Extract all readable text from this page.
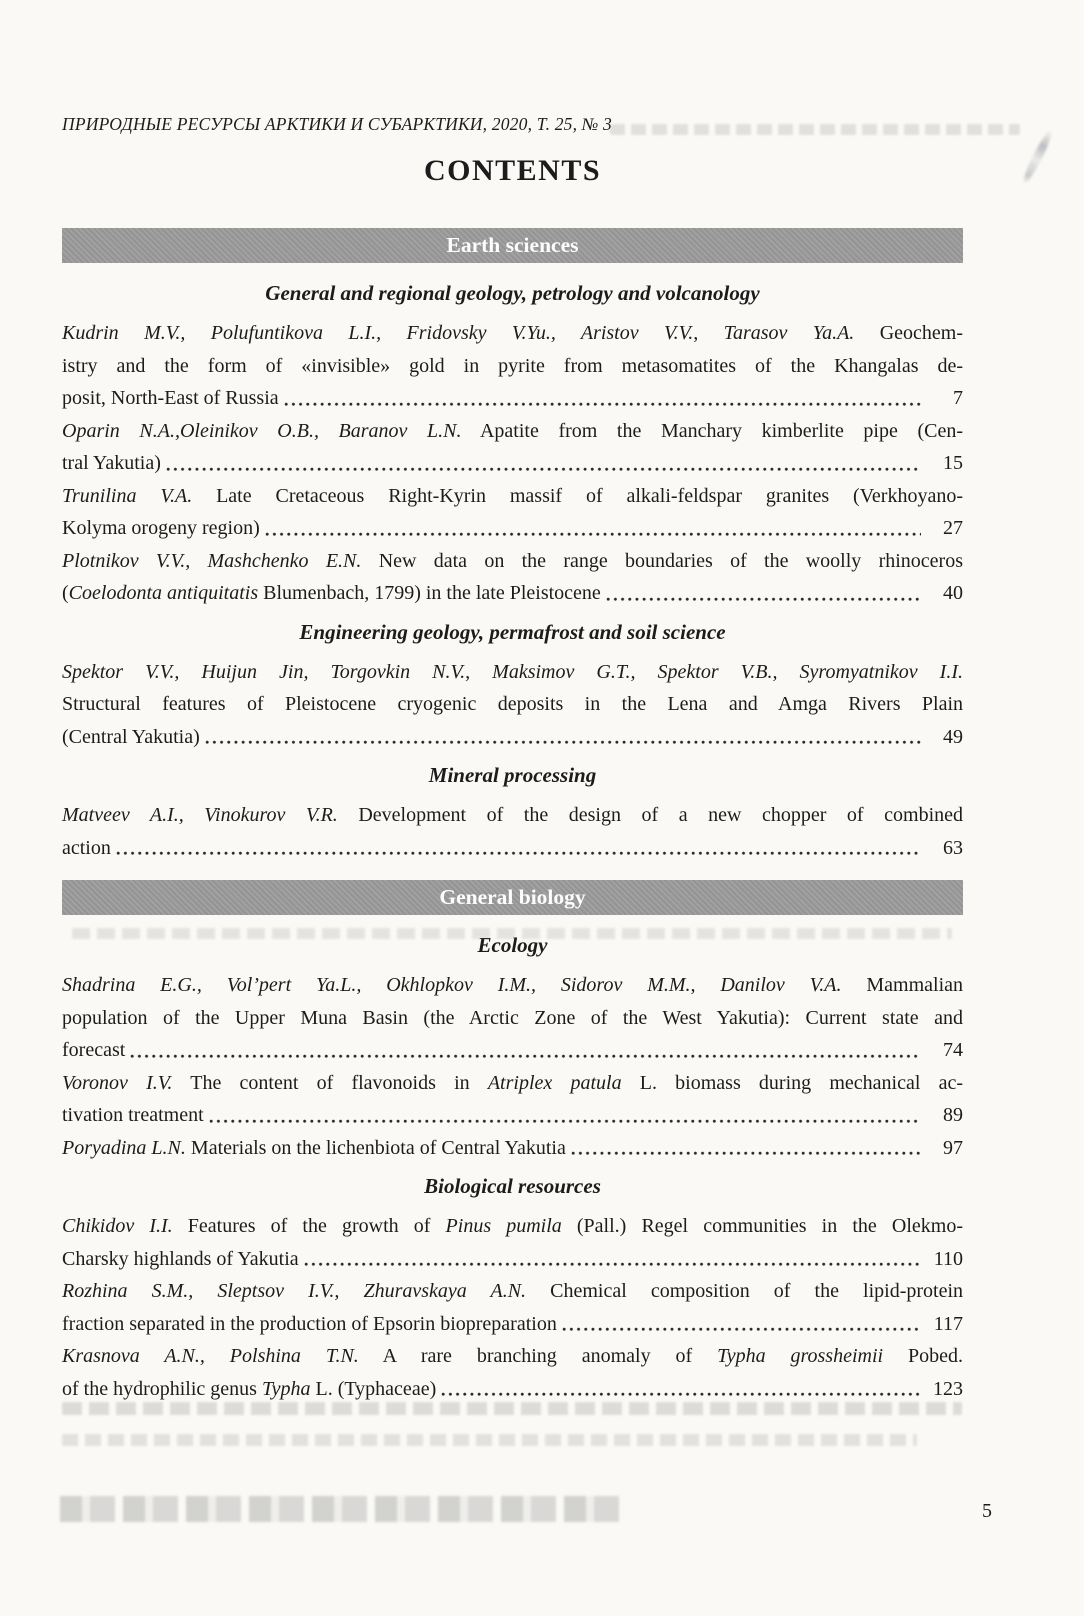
ПРИРОДНЫЕ РЕСУРСЫ АРКТИКИ И СУБАРКТИКИ, 2020, Т. 25, № 3
CONTENTS
Earth sciences
General and regional geology, petrology and volcanology
Kudrin M.V., Polufuntikova L.I., Fridovsky V.Yu., Aristov V.V., Tarasov Ya.A. Geochem-
istry and the form of «invisible» gold in pyrite from metasomatites of the Khangalas de-
posit, North-East of Russia	7
Oparin N.A.,Oleinikov O.B., Baranov L.N. Apatite from the Manchary kimberlite pipe (Cen-
tral Yakutia)	15
Trunilina V.A. Late Cretaceous Right-Kyrin massif of alkali-feldspar granites (Verkhoyano-
Kolyma orogeny region)	27
Plotnikov V.V., Mashchenko E.N. New data on the range boundaries of the woolly rhinoceros
(Coelodonta antiquitatis Blumenbach, 1799) in the late Pleistocene	40
Engineering geology, permafrost and soil science
Spektor V.V., Huijun Jin, Torgovkin N.V., Maksimov G.T., Spektor V.B., Syromyatnikov I.I.
Structural features of Pleistocene cryogenic deposits in the Lena and Amga Rivers Plain
(Central Yakutia)	49
Mineral processing
Matveev A.I., Vinokurov V.R. Development of the design of a new chopper of combined
action	63
General biology
Ecology
Shadrina E.G., Vol’pert Ya.L., Okhlopkov I.M., Sidorov M.M., Danilov V.A. Mammalian
population of the Upper Muna Basin (the Arctic Zone of the West Yakutia): Current state and
forecast	74
Voronov I.V. The content of flavonoids in Atriplex patula L. biomass during mechanical ac-
tivation treatment	89
Poryadina L.N. Materials on the lichenbiota of Central Yakutia	97
Biological resources
Chikidov I.I. Features of the growth of Pinus pumila (Pall.) Regel communities in the Olekmo-
Charsky highlands of Yakutia	110
Rozhina S.M., Sleptsov I.V., Zhuravskaya A.N. Chemical composition of the lipid-protein
fraction separated in the production of Epsorin biopreparation	117
Krasnova A.N., Polshina T.N. A rare branching anomaly of Typha grossheimii Pobed.
of the hydrophilic genus Typha L. (Typhaceae)	123
5
